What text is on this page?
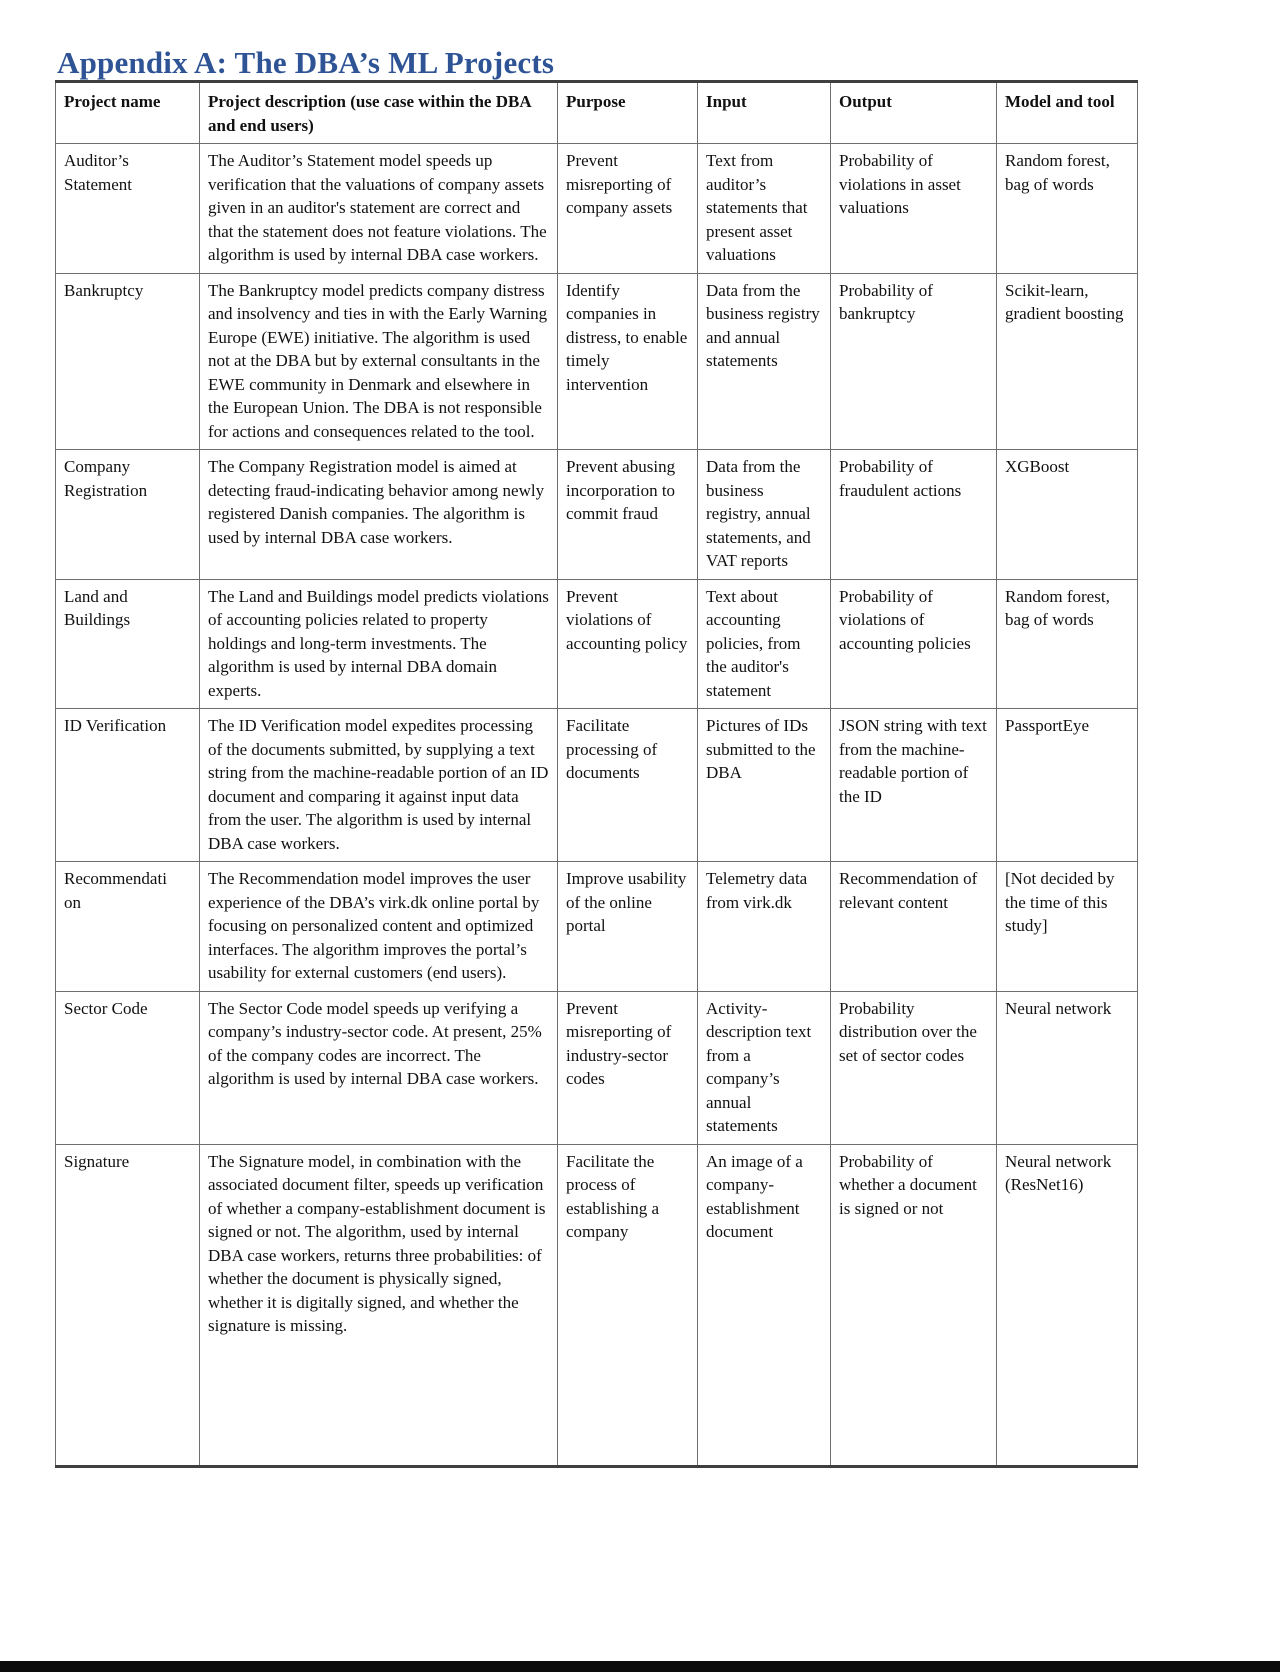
Appendix A: The DBA’s ML Projects
Project name	Project description (use case within the DBA and end users)	Purpose	Input	Output	Model and tool
Auditor’s Statement	The Auditor’s Statement model speeds up verification that the valuations of company assets given in an auditor's statement are correct and that the statement does not feature violations. The algorithm is used by internal DBA case workers.	Prevent misreporting of company assets	Text from auditor’s statements that present asset valuations	Probability of violations in asset valuations	Random forest, bag of words
Bankruptcy	The Bankruptcy model predicts company distress and insolvency and ties in with the Early Warning Europe (EWE) initiative. The algorithm is used not at the DBA but by external consultants in the EWE community in Denmark and elsewhere in the European Union. The DBA is not responsible for actions and consequences related to the tool.	Identify companies in distress, to enable timely intervention	Data from the business registry and annual statements	Probability of bankruptcy	Scikit-learn, gradient boosting
Company Registration	The Company Registration model is aimed at detecting fraud-indicating behavior among newly registered Danish companies. The algorithm is used by internal DBA case workers.	Prevent abusing incorporation to commit fraud	Data from the business registry, annual statements, and VAT reports	Probability of fraudulent actions	XGBoost
Land and Buildings	The Land and Buildings model predicts violations of accounting policies related to property holdings and long-term investments. The algorithm is used by internal DBA domain experts.	Prevent violations of accounting policy	Text about accounting policies, from the auditor's statement	Probability of violations of accounting policies	Random forest, bag of words
ID Verification	The ID Verification model expedites processing of the documents submitted, by supplying a text string from the machine-readable portion of an ID document and comparing it against input data from the user. The algorithm is used by internal DBA case workers.	Facilitate processing of documents	Pictures of IDs submitted to the DBA	JSON string with text from the machine-readable portion of the ID	PassportEye
Recommendation	The Recommendation model improves the user experience of the DBA’s virk.dk online portal by focusing on personalized content and optimized interfaces. The algorithm improves the portal’s usability for external customers (end users).	Improve usability of the online portal	Telemetry data from virk.dk	Recommendation of relevant content	[Not decided by the time of this study]
Sector Code	The Sector Code model speeds up verifying a company’s industry-sector code. At present, 25% of the company codes are incorrect. The algorithm is used by internal DBA case workers.	Prevent misreporting of industry-sector codes	Activity-description text from a company’s annual statements	Probability distribution over the set of sector codes	Neural network
Signature	The Signature model, in combination with the associated document filter, speeds up verification of whether a company-establishment document is signed or not. The algorithm, used by internal DBA case workers, returns three probabilities: of whether the document is physically signed, whether it is digitally signed, and whether the signature is missing.	Facilitate the process of establishing a company	An image of a company-establishment document	Probability of whether a document is signed or not	Neural network (ResNet16)
